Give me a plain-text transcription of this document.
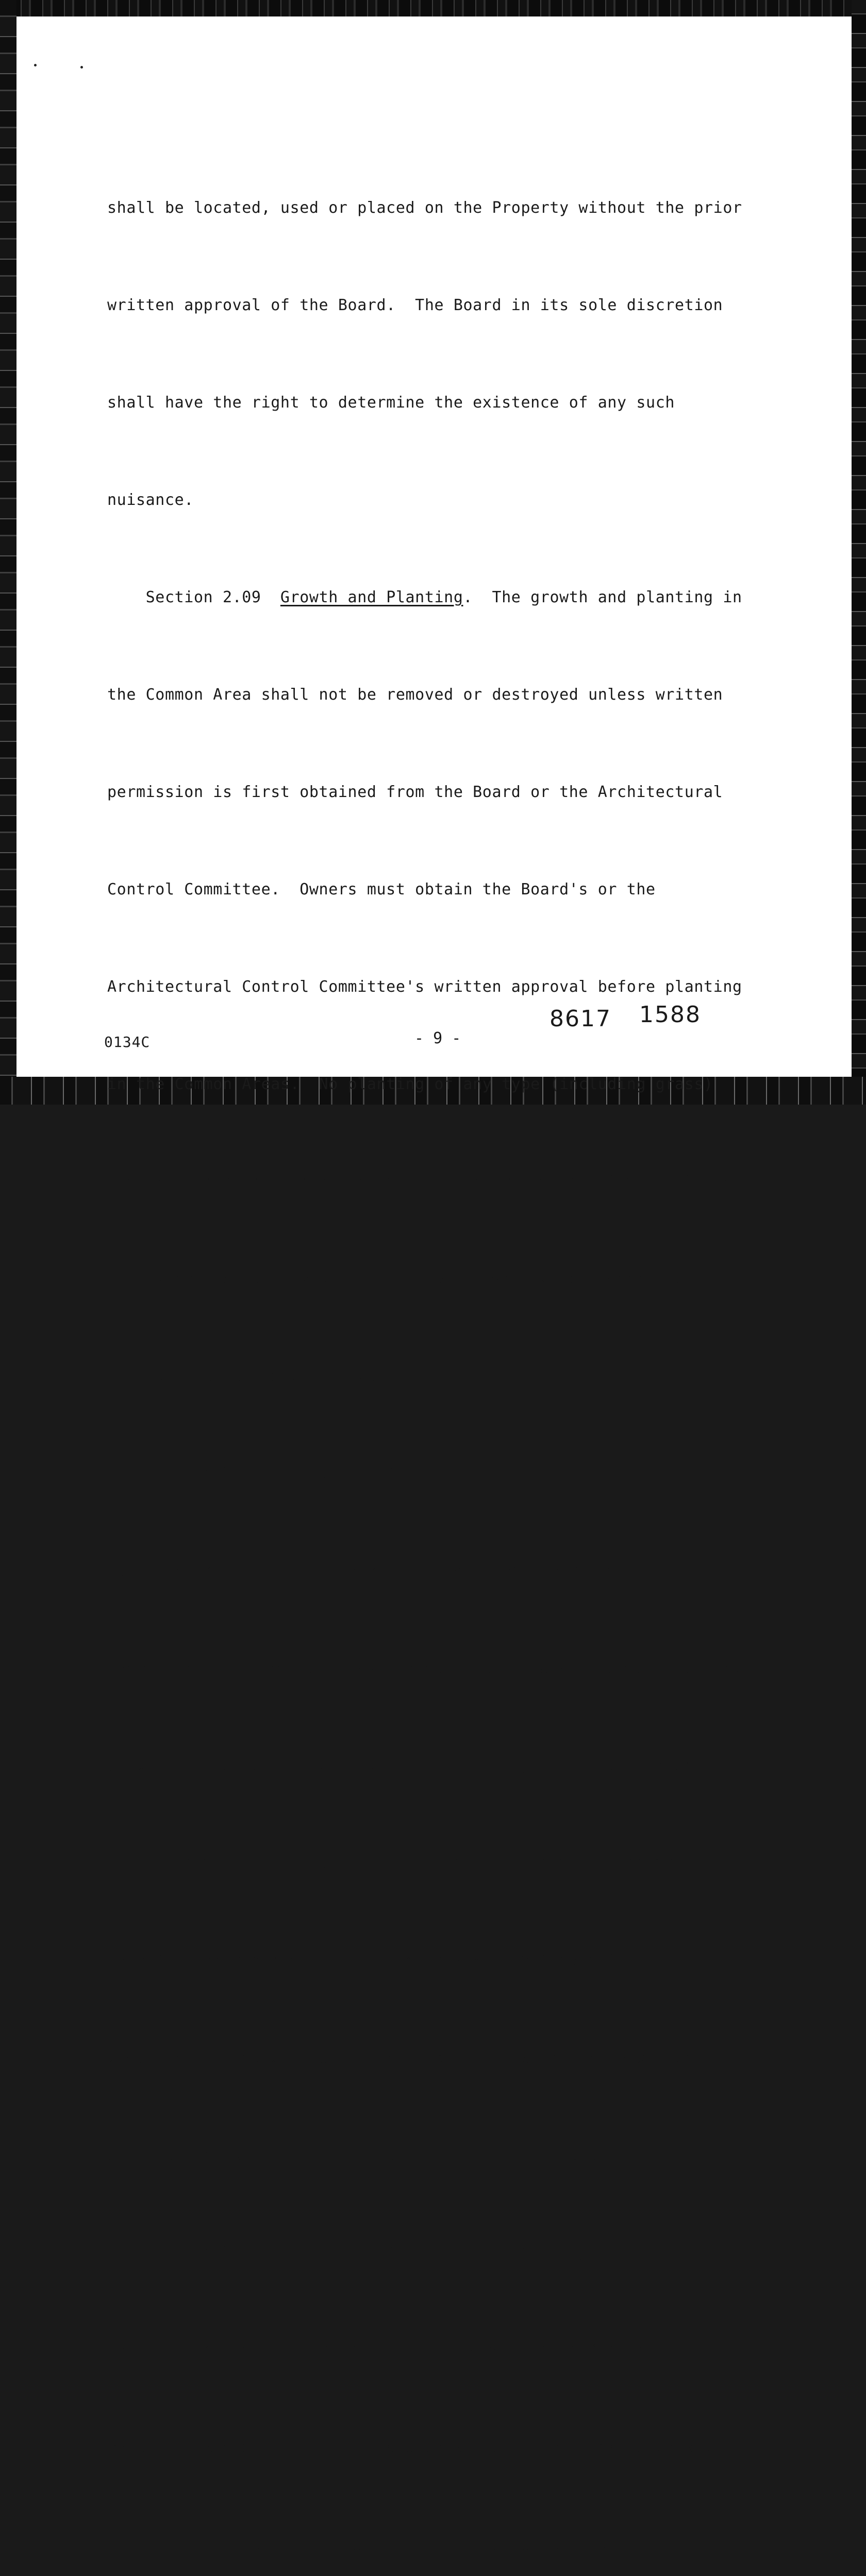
shall be located, used or placed on the Property without the prior

written approval of the Board.  The Board in its sole discretion

shall have the right to determine the existence of any such

nuisance.

Section 2.09  Growth and Planting.  The growth and planting in

the Common Area shall not be removed or destroyed unless written

permission is first obtained from the Board or the Architectural

Control Committee.  Owners must obtain the Board's or the

Architectural Control Committee's written approval before planting

in the Common Areas.  No planting of any type (including grass)

that will require irrigation shall be placed within five (5') feet

of any portion of any building or patio wall which comprises all,

or a portion of, a common wall.

Section 2.10  Violation of Rules.  If any Owner, his/her

family or any licensee, tenant or lessee or invitee violates the

Board's rules, the Board may, in addition to any other enforcement

provisions contained herein, suspend the right of such person to

use the common Areas, under such conditions as the Board may

specify, for a period not to exceed sixty (60) days for each

violation.  Before invoking any such suspension, the Board shall

give such person notice of hearing before the Board.

Section 2.11  Exemption of Developer.  Nothing in this

Declaration shall limit the right of Developer or Declarant to

complete excavation, grading and construction of improvements to

any of the Property to resubdivide any Lot or portion of the

- 9 -
0134C
8617 1588
